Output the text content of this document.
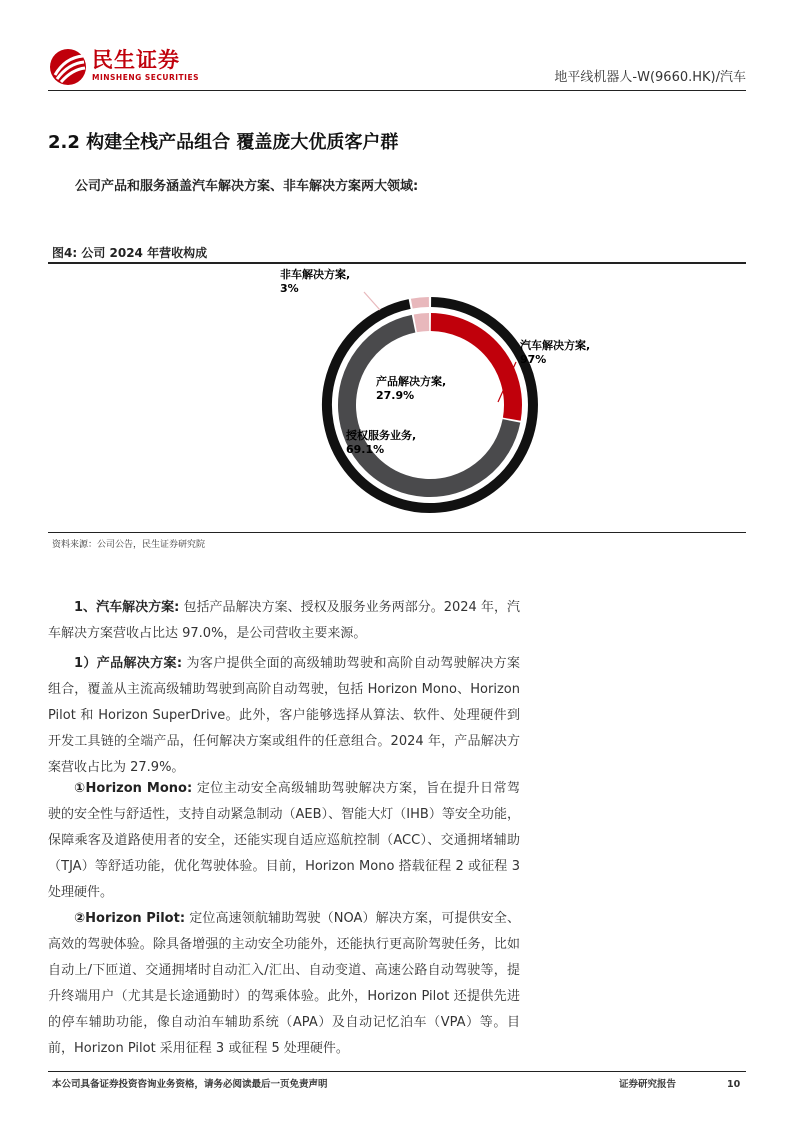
民生证券
MINSHENG SECURITIES	地平线机器人-W(9660.HK)/汽车
2.2 构建全栈产品组合 覆盖庞大优质客户群
公司产品和服务涵盖汽车解决方案、非车解决方案两大领域:
图4: 公司 2024 年营收构成
汽车解决方案,
97%
非车解决方案,
3%
产品解决方案,
27.9%
授权服务业务,
69.1%
资料来源：公司公告，民生证券研究院

1、汽车解决方案: 包括产品解决方案、授权及服务业务两部分。2024 年，汽车解决方案营收占比达 97.0%，是公司营收主要来源。

1）产品解决方案: 为客户提供全面的高级辅助驾驶和高阶自动驾驶解决方案组合，覆盖从主流高级辅助驾驶到高阶自动驾驶，包括 Horizon Mono、Horizon Pilot 和 Horizon SuperDrive。此外，客户能够选择从算法、软件、处理硬件到开发工具链的全端产品，任何解决方案或组件的任意组合。2024 年，产品解决方案营收占比为 27.9%。

①Horizon Mono: 定位主动安全高级辅助驾驶解决方案，旨在提升日常驾驶的安全性与舒适性，支持自动紧急制动（AEB）、智能大灯（IHB）等安全功能，保障乘客及道路使用者的安全，还能实现自适应巡航控制（ACC）、交通拥堵辅助（TJA）等舒适功能，优化驾驶体验。目前，Horizon Mono 搭载征程 2 或征程 3 处理硬件。

②Horizon Pilot: 定位高速领航辅助驾驶（NOA）解决方案，可提供安全、高效的驾驶体验。除具备增强的主动安全功能外，还能执行更高阶驾驶任务，比如自动上/下匝道、交通拥堵时自动汇入/汇出、自动变道、高速公路自动驾驶等，提升终端用户（尤其是长途通勤时）的驾乘体验。此外，Horizon Pilot 还提供先进的停车辅助功能，像自动泊车辅助系统（APA）及自动记忆泊车（VPA）等。目前，Horizon Pilot 采用征程 3 或征程 5 处理硬件。

本公司具备证券投资咨询业务资格，请务必阅读最后一页免责声明	证券研究报告	10
